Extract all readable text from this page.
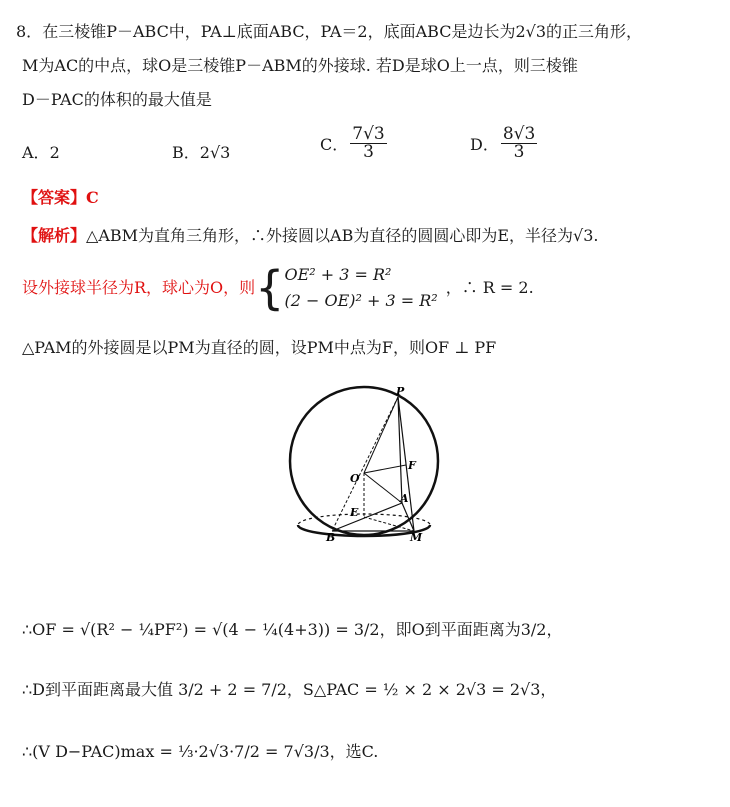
8．在三棱锥P－ABC中，PA⊥底面ABC，PA＝2，底面ABC是边长为2√3的正三角形，
M为AC的中点，球O是三棱锥P－ABM的外接球. 若D是球O上一点，则三棱锥
D－PAC的体积的最大值是
A．2	B．2√3	C． $\frac{7√3}{3}$	D． $\frac{8√3}{3}$
【答案】C
【解析】△ABM为直角三角形，∴外接圆以AB为直径的圆圆心即为E，半径为√3.
设外接球半径为R，球心为O，则 { OE² + 3 = R²
(2 − OE)² + 3 = R²
，∴ R = 2.
△PAM的外接圆是以PM为直径的圆，设PM中点为F，则OF ⊥ PF
P
F
O
A
E
B	M
∴OF = √(R² − ¼PF²) = √(4 − ¼(4+3)) = 3/2，即O到平面距离为3/2，
∴D到平面距离最大值 3/2 + 2 = 7/2，S△PAC = ½ × 2 × 2√3 = 2√3，
∴(V D−PAC)max = ⅓·2√3·7/2 = 7√3/3，选C.
